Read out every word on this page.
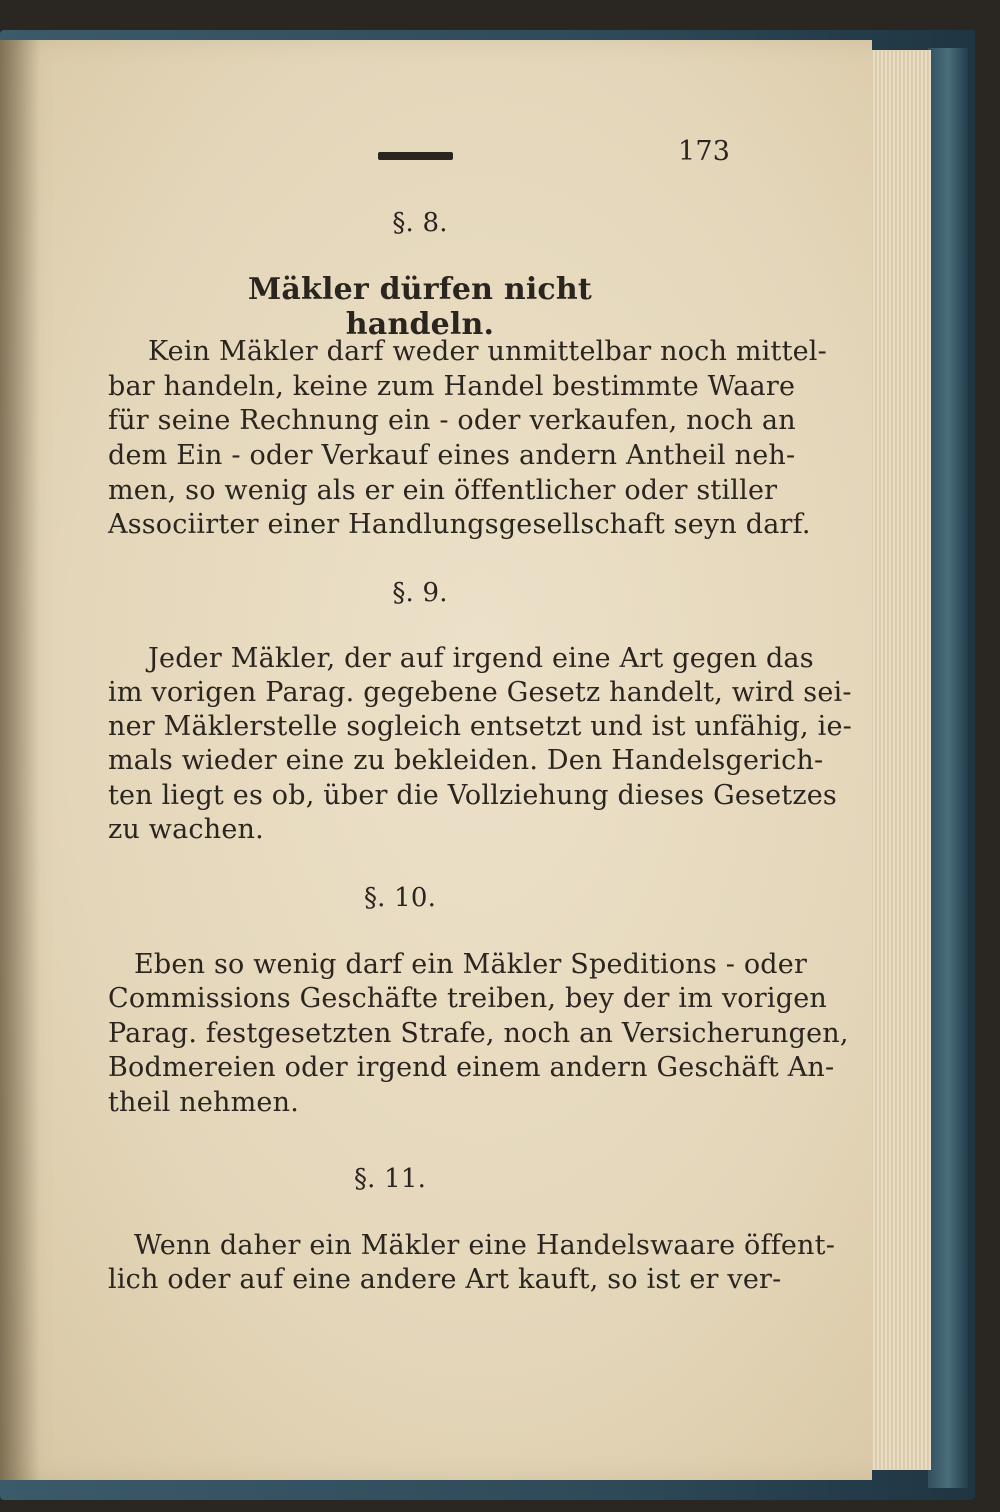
173
§. 8.
Mäkler dürfen nicht handeln.
Kein Mäkler darf weder unmittelbar noch mittel-
bar handeln, keine zum Handel bestimmte Waare
für seine Rechnung ein - oder verkaufen, noch an
dem Ein - oder Verkauf eines andern Antheil neh-
men, so wenig als er ein öffentlicher oder stiller
Associirter einer Handlungsgesellschaft seyn darf.
§. 9.
Jeder Mäkler, der auf irgend eine Art gegen das
im vorigen Parag. gegebene Gesetz handelt, wird sei-
ner Mäklerstelle sogleich entsetzt und ist unfähig, ie-
mals wieder eine zu bekleiden. Den Handelsgerich-
ten liegt es ob, über die Vollziehung dieses Gesetzes
zu wachen.
§. 10.
Eben so wenig darf ein Mäkler Speditions - oder
Commissions Geschäfte treiben, bey der im vorigen
Parag. festgesetzten Strafe, noch an Versicherungen,
Bodmereien oder irgend einem andern Geschäft An-
theil nehmen.
§. 11.
Wenn daher ein Mäkler eine Handelswaare öffent-
lich oder auf eine andere Art kauft, so ist er ver-
